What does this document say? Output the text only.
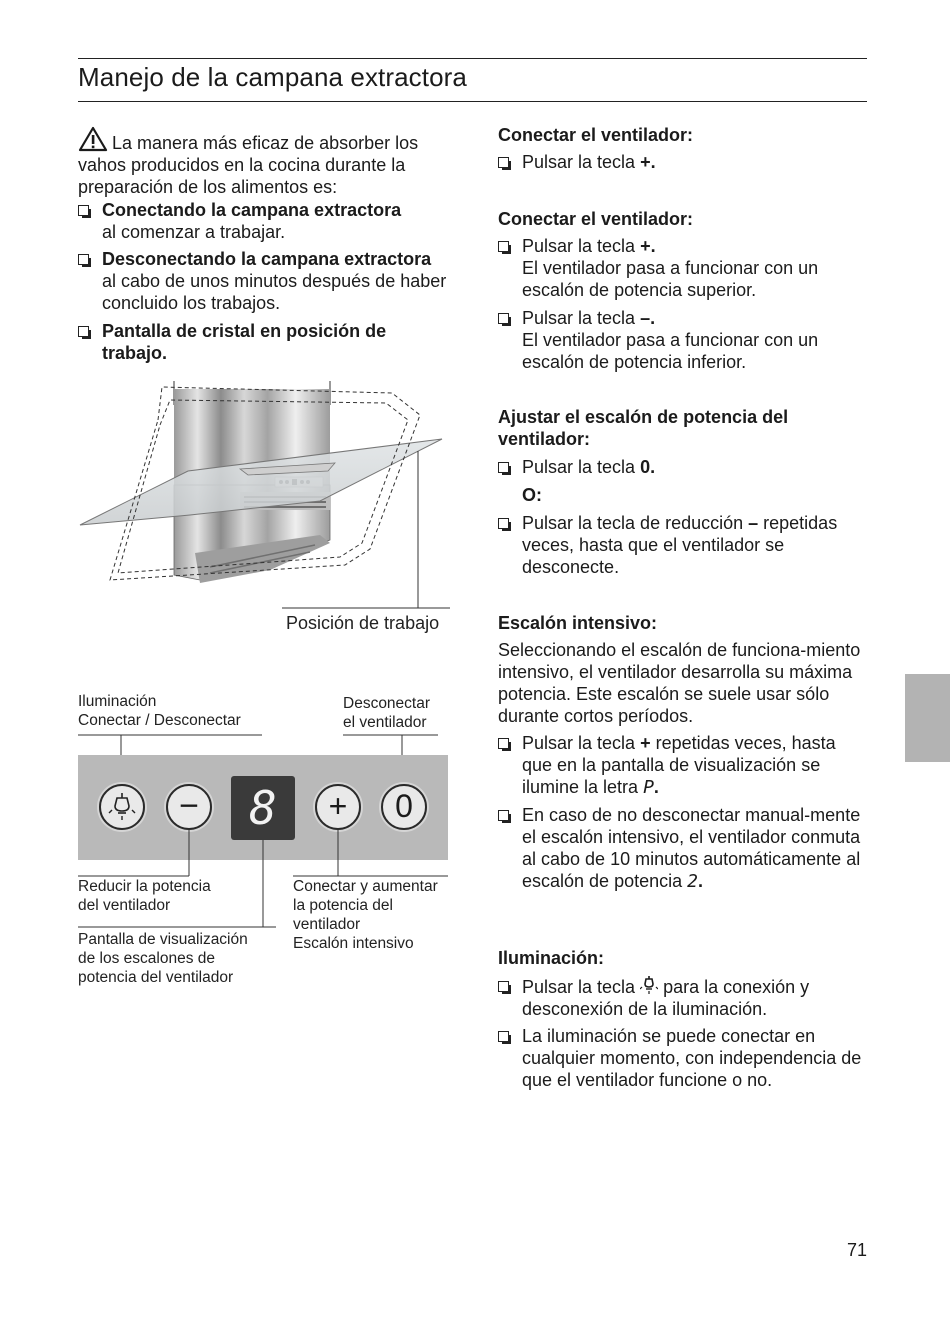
Manejo de la campana extractora
La manera más eficaz de absorber los vahos producidos en la cocina durante la preparación de los alimentos es:
Conectando la campana extractora
al comenzar a trabajar.
Desconectando la campana extractora
al cabo de unos minutos después de haber concluido los trabajos.
Pantalla de cristal en posición de trabajo.
Posición de trabajo
Iluminación
Conectar / Desconectar
Desconectar
el ventilador
−	8	+	0
Reducir la potencia
del ventilador
Conectar y aumentar
la potencia del
ventilador
Escalón intensivo
Pantalla de visualización
de los escalones de
potencia del ventilador
Conectar el ventilador:
Pulsar la tecla +.
Conectar el ventilador:
Pulsar la tecla +.
El ventilador pasa a funcionar con un escalón de potencia superior.
Pulsar la tecla –.
El ventilador pasa a funcionar con un escalón de potencia inferior.
Ajustar el escalón de potencia del ventilador:
Pulsar la tecla 0.
O:
Pulsar la tecla de reducción – repetidas veces, hasta que el ventilador se desconecte.
Escalón intensivo:
Seleccionando el escalón de funciona-miento intensivo, el ventilador desarrolla su máxima potencia. Este escalón se suele usar sólo durante cortos períodos.
Pulsar la tecla + repetidas veces, hasta que en la pantalla de visualización se ilumine la letra P.
En caso de no desconectar manual-mente el escalón intensivo, el ventilador conmuta al cabo de 10 minutos automáticamente al escalón de potencia 2.
Iluminación:
Pulsar la tecla  para la conexión y desconexión de la iluminación.
La iluminación se puede conectar en cualquier momento, con independencia de que el ventilador funcione o no.
71
